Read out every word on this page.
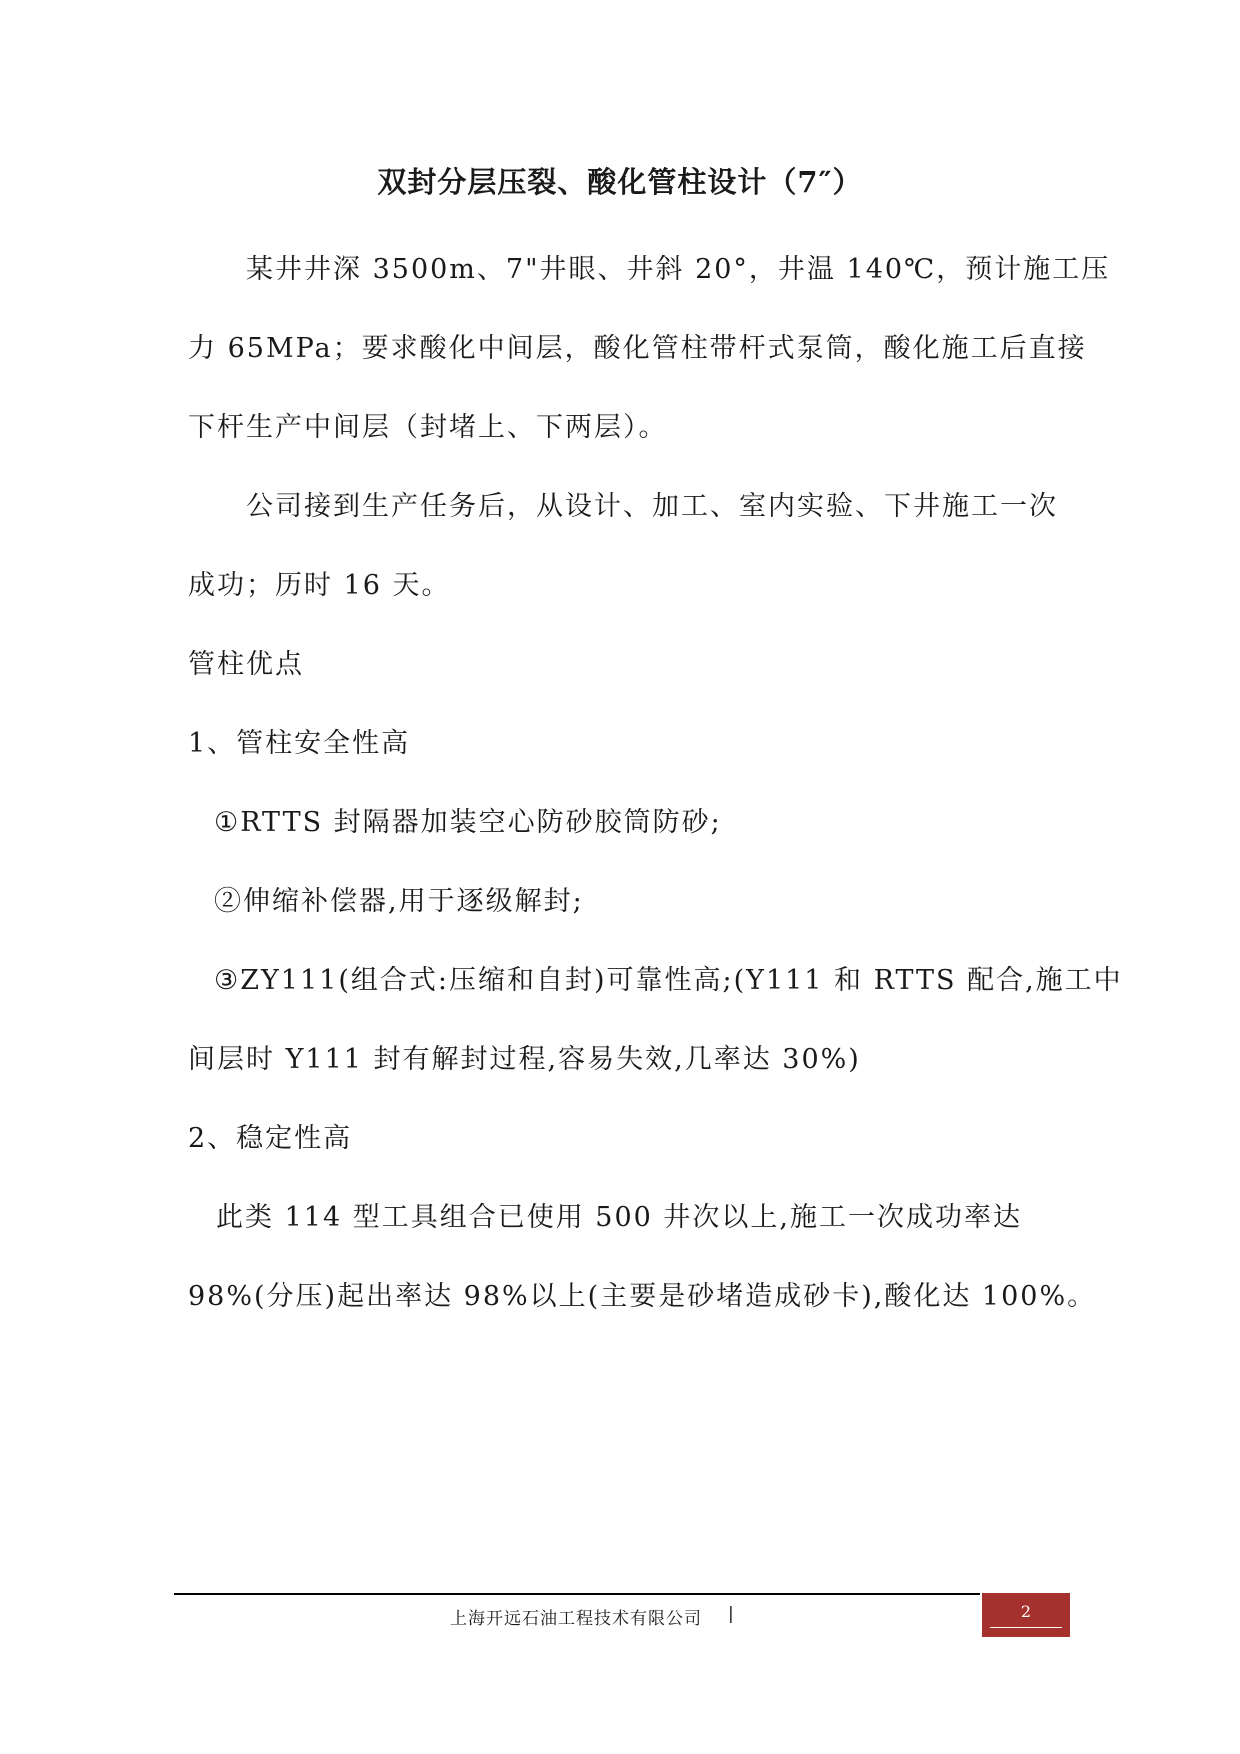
双封分层压裂、酸化管柱设计（7″）
某井井深 3500m、7"井眼、井斜 20°，井温 140℃，预计施工压
力 65MPa；要求酸化中间层，酸化管柱带杆式泵筒，酸化施工后直接
下杆生产中间层（封堵上、下两层）。
公司接到生产任务后，从设计、加工、室内实验、下井施工一次
成功；历时 16 天。
管柱优点
1、管柱安全性高
①RTTS 封隔器加装空心防砂胶筒防砂;
②伸缩补偿器,用于逐级解封;
③ZY111(组合式:压缩和自封)可靠性高;(Y111 和 RTTS 配合,施工中
间层时 Y111 封有解封过程,容易失效,几率达 30%)
2、稳定性高
此类 114 型工具组合已使用 500 井次以上,施工一次成功率达
98%(分压)起出率达 98%以上(主要是砂堵造成砂卡),酸化达 100%。
上海开远石油工程技术有限公司 |	2
